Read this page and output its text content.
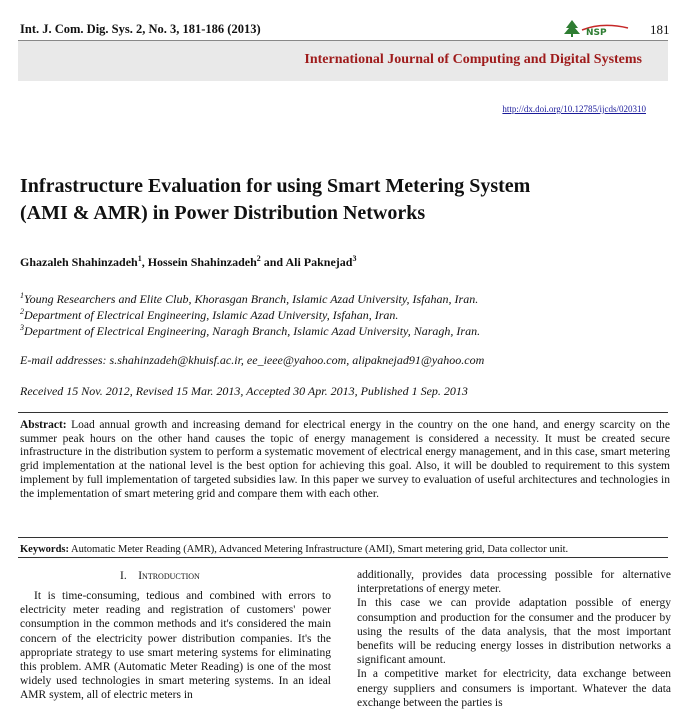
Int. J. Com. Dig. Sys. 2, No. 3, 181-186 (2013)	NSP	181
International Journal of Computing and Digital Systems
http://dx.doi.org/10.12785/ijcds/020310
Infrastructure Evaluation for using Smart Metering System
(AMI & AMR) in Power Distribution Networks
Ghazaleh Shahinzadeh$^1$, Hossein Shahinzadeh$^2$ and Ali Paknejad$^3$
$^1$Young Researchers and Elite Club, Khorasgan Branch, Islamic Azad University, Isfahan, Iran.
$^2$Department of Electrical Engineering, Islamic Azad University, Isfahan, Iran.
$^3$Department of Electrical Engineering, Naragh Branch, Islamic Azad University, Naragh, Iran.
E-mail addresses: s.shahinzadeh@khuisf.ac.ir, ee_ieee@yahoo.com, alipaknejad91@yahoo.com
Received 15 Nov. 2012, Revised 15 Mar. 2013, Accepted 30 Apr. 2013, Published 1 Sep. 2013
Abstract: Load annual growth and increasing demand for electrical energy in the country on the one hand, and energy scarcity on the summer peak hours on the other hand causes the topic of energy management is considered a necessity. It must be created secure infrastructure in the distribution system to perform a systematic movement of electrical energy management, and in this case, smart metering grid implementation at the national level is the best option for achieving this goal. Also, it will be doubled to requirement to this system implement by full implementation of targeted subsidies law. In this paper we survey to evaluation of useful architectures and technologies in the implementation of smart metering grid and compare them with each other.
Keywords: Automatic Meter Reading (AMR), Advanced Metering Infrastructure (AMI), Smart metering grid, Data collector unit.
I. Introduction

It is time-consuming, tedious and combined with errors to electricity meter reading and registration of customers' power consumption in the common methods and it's considered the main concern of the electricity power distribution companies. It's the appropriate strategy to use smart metering systems for eliminating this problem. AMR (Automatic Meter Reading) is one of the most widely used technologies in smart metering systems. In an ideal AMR system, all of electric meters in

additionally, provides data processing possible for alternative interpretations of energy meter.

In this case we can provide adaptation possible of energy consumption and production for the consumer and the producer by using the results of the data analysis, that the most important benefits will be reducing energy losses in distribution networks a significant amount.

In a competitive market for electricity, data exchange between energy suppliers and consumers is important. Whatever the data exchange between the parties is
